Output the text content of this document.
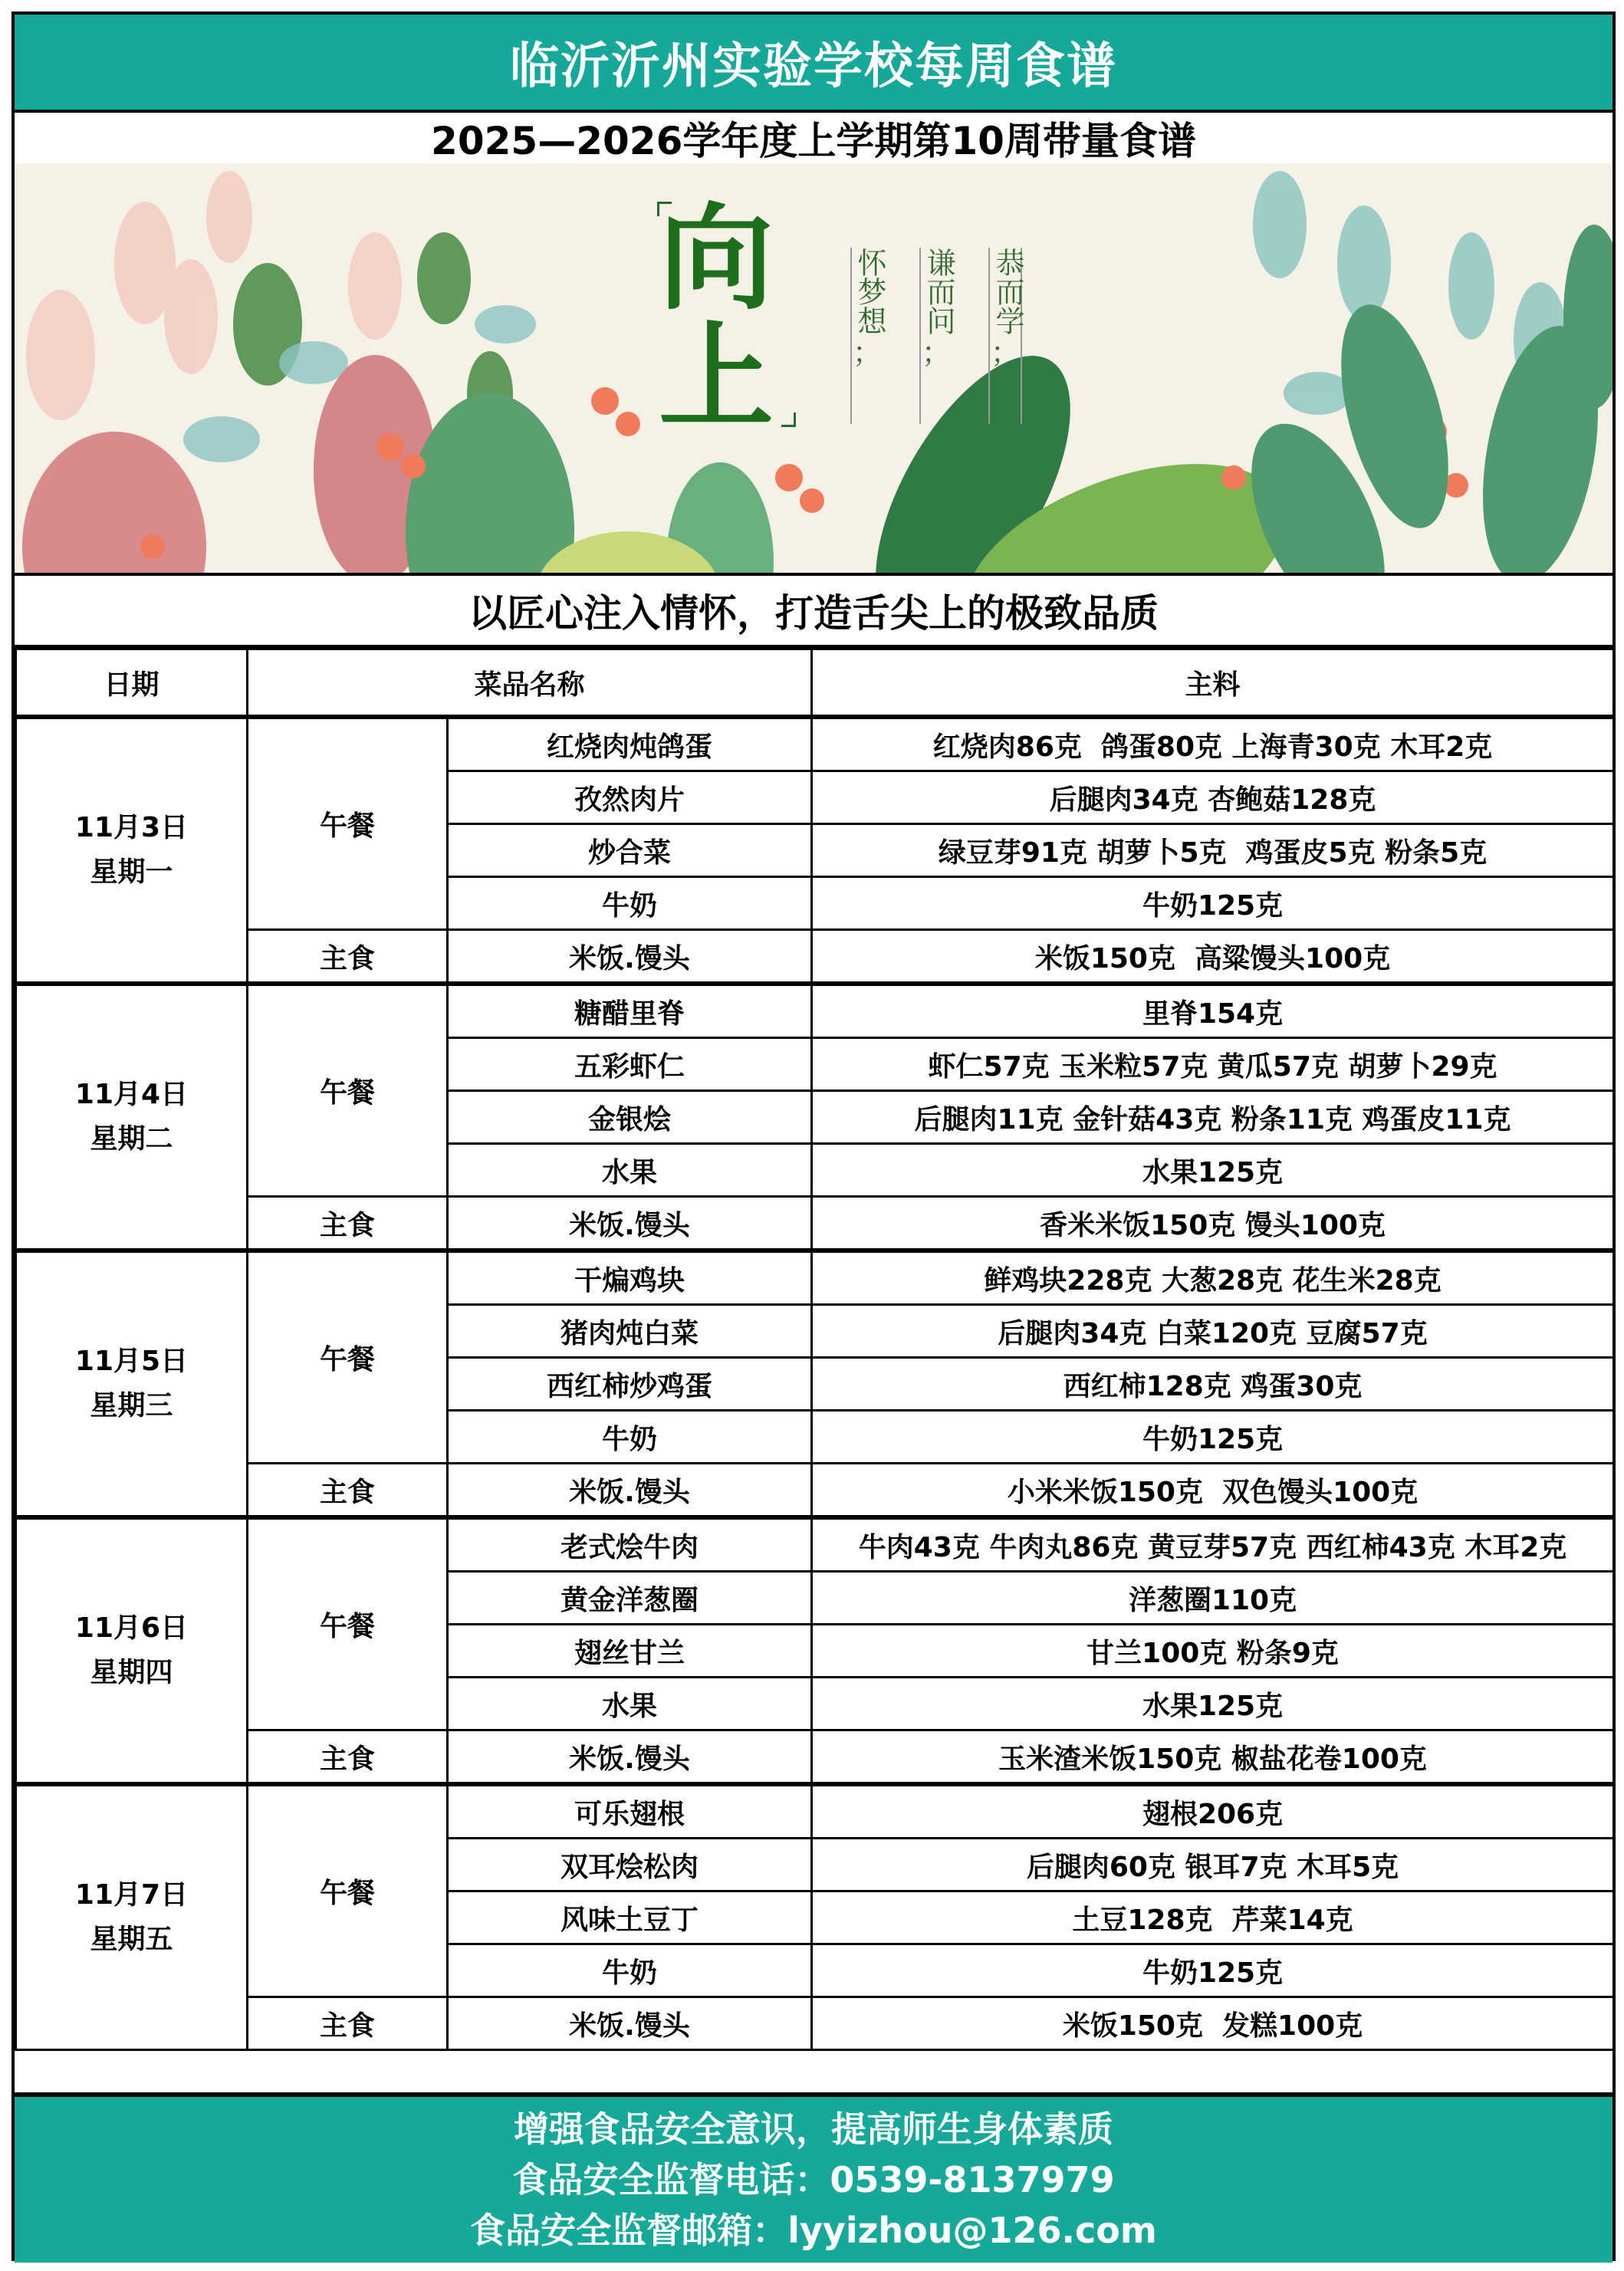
临沂沂州实验学校每周食谱
2025—2026学年度上学期第10周带量食谱
向
上
恭而学
；
谦而问
；
怀梦想
；
以匠心注入情怀，打造舌尖上的极致品质
日期	菜品名称		主料

11月3日
星期一	午餐	红烧肉炖鸽蛋	红烧肉86克  鸽蛋80克 上海青30克 木耳2克
		孜然肉片	后腿肉34克 杏鲍菇128克
		炒合菜	绿豆芽91克 胡萝卜5克  鸡蛋皮5克 粉条5克
		牛奶	牛奶125克
	主食	米饭.馒头	米饭150克  高粱馒头100克

11月4日
星期二	午餐	糖醋里脊	里脊154克
		五彩虾仁	虾仁57克 玉米粒57克 黄瓜57克 胡萝卜29克
		金银烩	后腿肉11克 金针菇43克 粉条11克 鸡蛋皮11克
		水果	水果125克
	主食	米饭.馒头	香米米饭150克 馒头100克

11月5日
星期三	午餐	干煸鸡块	鲜鸡块228克 大葱28克 花生米28克
		猪肉炖白菜	后腿肉34克 白菜120克 豆腐57克
		西红柿炒鸡蛋	西红柿128克 鸡蛋30克
		牛奶	牛奶125克
	主食	米饭.馒头	小米米饭150克  双色馒头100克

11月6日
星期四	午餐	老式烩牛肉	牛肉43克 牛肉丸86克 黄豆芽57克 西红柿43克 木耳2克
		黄金洋葱圈	洋葱圈110克
		翅丝甘兰	甘兰100克 粉条9克
		水果	水果125克
	主食	米饭.馒头	玉米渣米饭150克 椒盐花卷100克

11月7日
星期五	午餐	可乐翅根	翅根206克
		双耳烩松肉	后腿肉60克 银耳7克 木耳5克
		风味土豆丁	土豆128克  芹菜14克
		牛奶	牛奶125克
	主食	米饭.馒头	米饭150克  发糕100克
增强食品安全意识，提高师生身体素质
食品安全监督电话：0539-8137979
食品安全监督邮箱：lyyizhou@126.com
